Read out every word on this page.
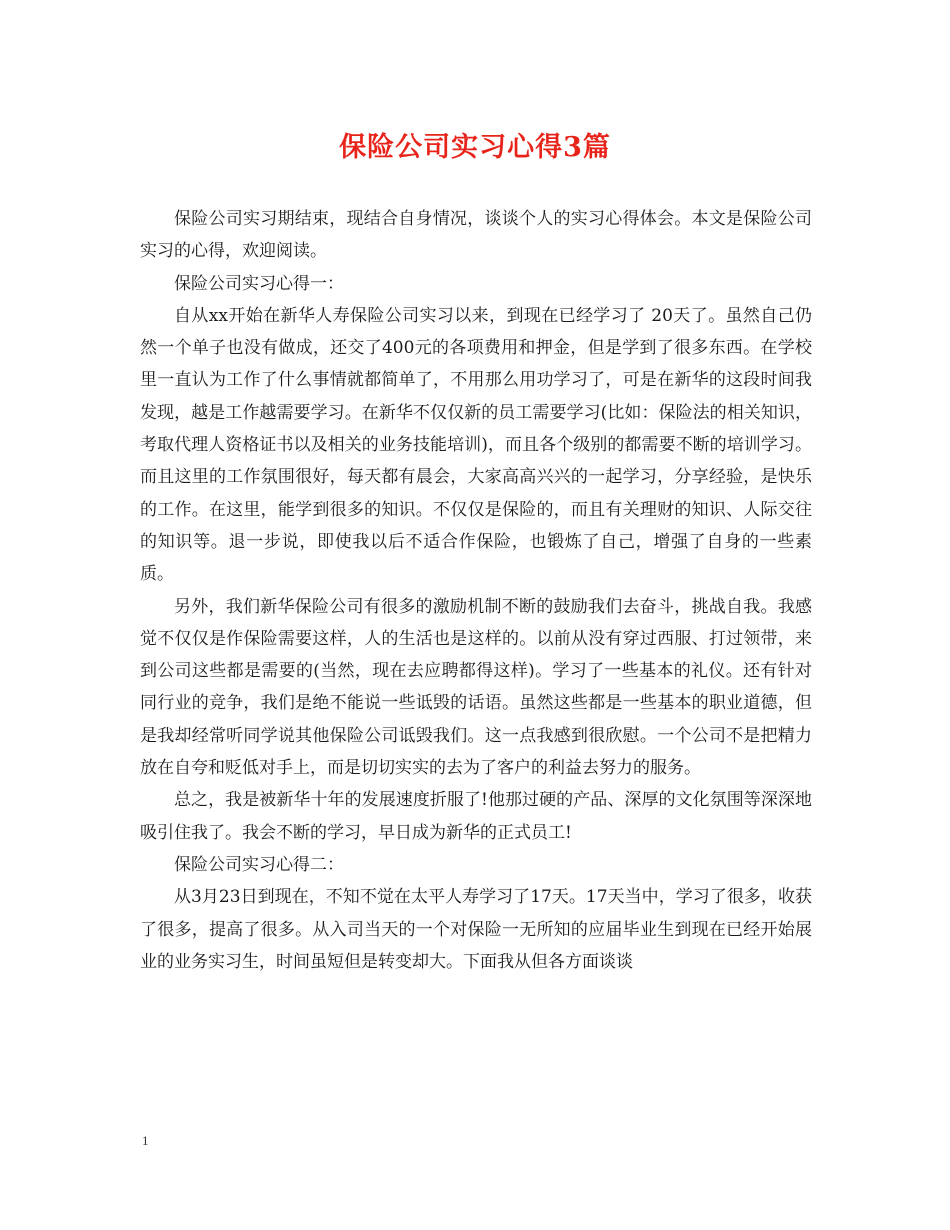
保险公司实习心得3篇

保险公司实习期结束，现结合自身情况，谈谈个人的实习心得体会。本文是保险公司实习的心得，欢迎阅读。

保险公司实习心得一：

自从xx开始在新华人寿保险公司实习以来，到现在已经学习了 20天了。虽然自己仍然一个单子也没有做成，还交了400元的各项费用和押金，但是学到了很多东西。在学校里一直认为工作了什么事情就都简单了，不用那么用功学习了，可是在新华的这段时间我发现，越是工作越需要学习。在新华不仅仅新的员工需要学习(比如：保险法的相关知识，考取代理人资格证书以及相关的业务技能培训)，而且各个级别的都需要不断的培训学习。而且这里的工作氛围很好，每天都有晨会，大家高高兴兴的一起学习，分享经验，是快乐的工作。在这里，能学到很多的知识。不仅仅是保险的，而且有关理财的知识、人际交往的知识等。退一步说，即使我以后不适合作保险，也锻炼了自己，增强了自身的一些素质。

另外，我们新华保险公司有很多的激励机制不断的鼓励我们去奋斗，挑战自我。我感觉不仅仅是作保险需要这样，人的生活也是这样的。以前从没有穿过西服、打过领带，来到公司这些都是需要的(当然，现在去应聘都得这样)。学习了一些基本的礼仪。还有针对同行业的竞争，我们是绝不能说一些诋毁的话语。虽然这些都是一些基本的职业道德，但是我却经常听同学说其他保险公司诋毁我们。这一点我感到很欣慰。一个公司不是把精力放在自夸和贬低对手上，而是切切实实的去为了客户的利益去努力的服务。

总之，我是被新华十年的发展速度折服了!他那过硬的产品、深厚的文化氛围等深深地吸引住我了。我会不断的学习，早日成为新华的正式员工!

保险公司实习心得二：

从3月23日到现在，不知不觉在太平人寿学习了17天。17天当中，学习了很多，收获了很多，提高了很多。从入司当天的一个对保险一无所知的应届毕业生到现在已经开始展业的业务实习生，时间虽短但是转变却大。下面我从但各方面谈谈

1
